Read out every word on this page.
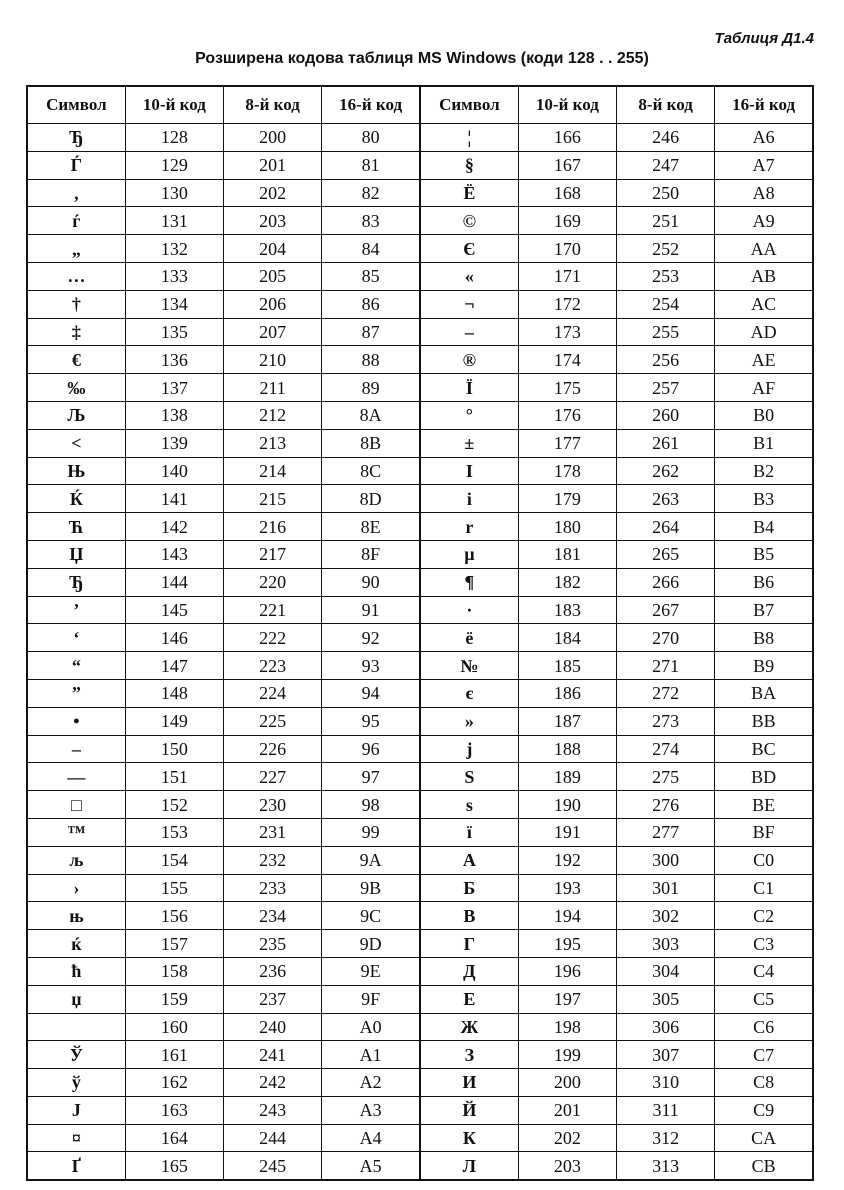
Таблиця Д1.4
Розширена кодова таблиця MS Windows (коди 128 . . 255)
Символ	10-й код	8-й код	16-й код	Символ	10-й код	8-й код	16-й код
Ђ	128	200	80	¦	166	246	A6
Ѓ	129	201	81	§	167	247	A7
,	130	202	82	Ё	168	250	A8
ѓ	131	203	83	©	169	251	A9
„	132	204	84	Є	170	252	AA
…	133	205	85	«	171	253	AB
†	134	206	86	¬	172	254	AC
‡	135	207	87	–	173	255	AD
€	136	210	88	®	174	256	AE
‰	137	211	89	Ї	175	257	AF
Љ	138	212	8A	°	176	260	B0
<	139	213	8B	±	177	261	B1
Њ	140	214	8C	І	178	262	B2
Ќ	141	215	8D	і	179	263	B3
Ћ	142	216	8E	r	180	264	B4
Џ	143	217	8F	µ	181	265	B5
Ђ	144	220	90	¶	182	266	B6
’	145	221	91	·	183	267	B7
‘	146	222	92	ё	184	270	B8
“	147	223	93	№	185	271	B9
”	148	224	94	є	186	272	BA
•	149	225	95	»	187	273	BB
–	150	226	96	j	188	274	BC
—	151	227	97	S	189	275	BD
□	152	230	98	s	190	276	BE
™	153	231	99	ї	191	277	BF
љ	154	232	9A	А	192	300	C0
›	155	233	9B	Б	193	301	C1
њ	156	234	9C	В	194	302	C2
ќ	157	235	9D	Г	195	303	C3
ћ	158	236	9E	Д	196	304	C4
џ	159	237	9F	Е	197	305	C5
	160	240	A0	Ж	198	306	C6
Ў	161	241	A1	З	199	307	C7
ў	162	242	A2	И	200	310	C8
J	163	243	A3	Й	201	311	C9
¤	164	244	A4	К	202	312	CA
Ґ	165	245	A5	Л	203	313	CB
